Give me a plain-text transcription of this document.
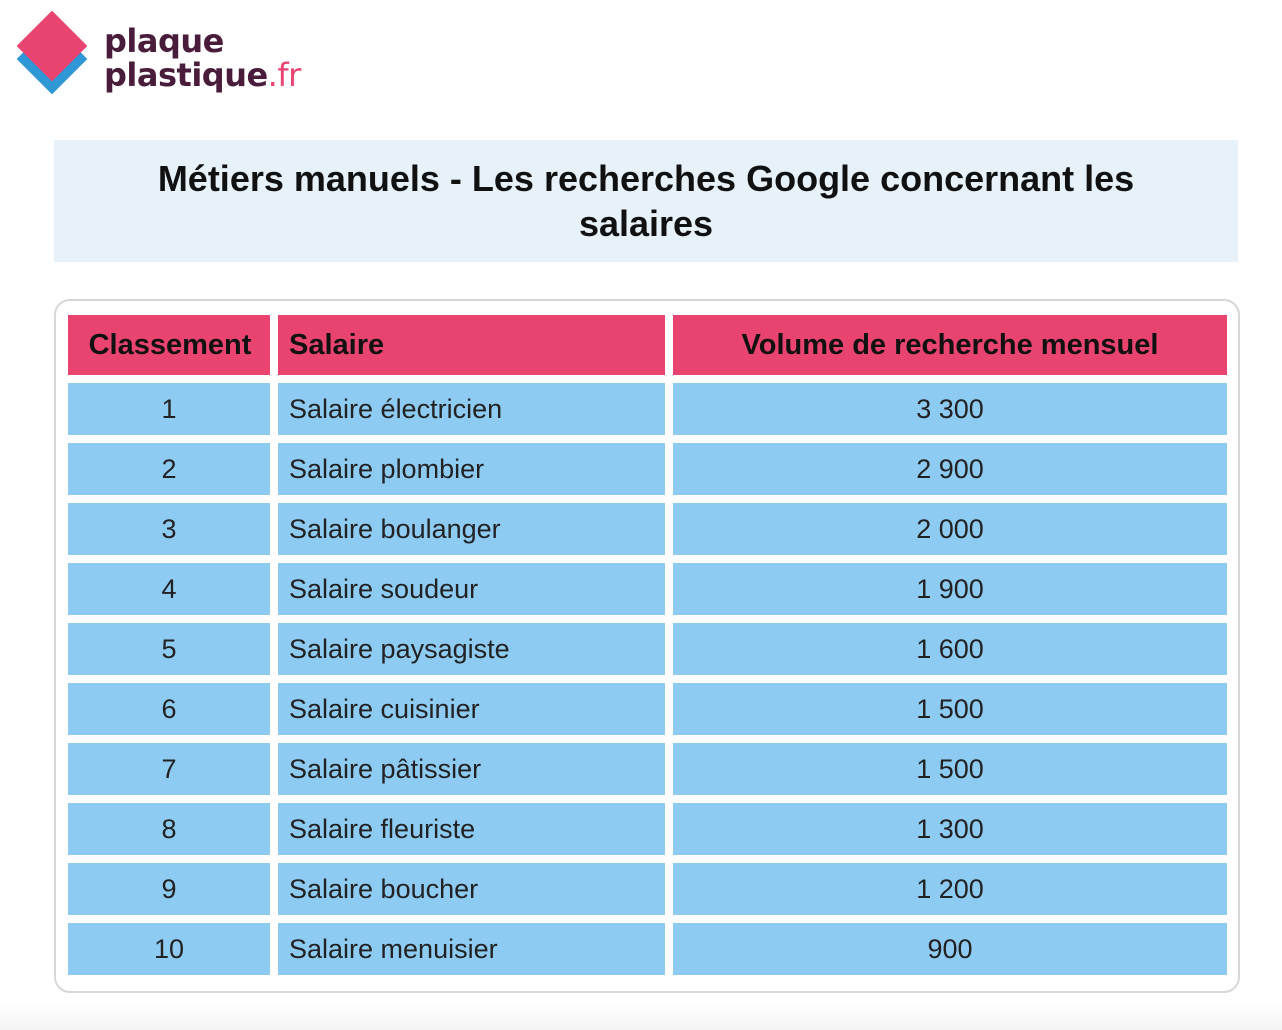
plaque
plastique.fr
Métiers manuels - Les recherches Google concernant les salaires
Classement	Salaire	Volume de recherche mensuel
1	Salaire électricien	3 300
2	Salaire plombier	2 900
3	Salaire boulanger	2 000
4	Salaire soudeur	1 900
5	Salaire paysagiste	1 600
6	Salaire cuisinier	1 500
7	Salaire pâtissier	1 500
8	Salaire fleuriste	1 300
9	Salaire boucher	1 200
10	Salaire menuisier	900
